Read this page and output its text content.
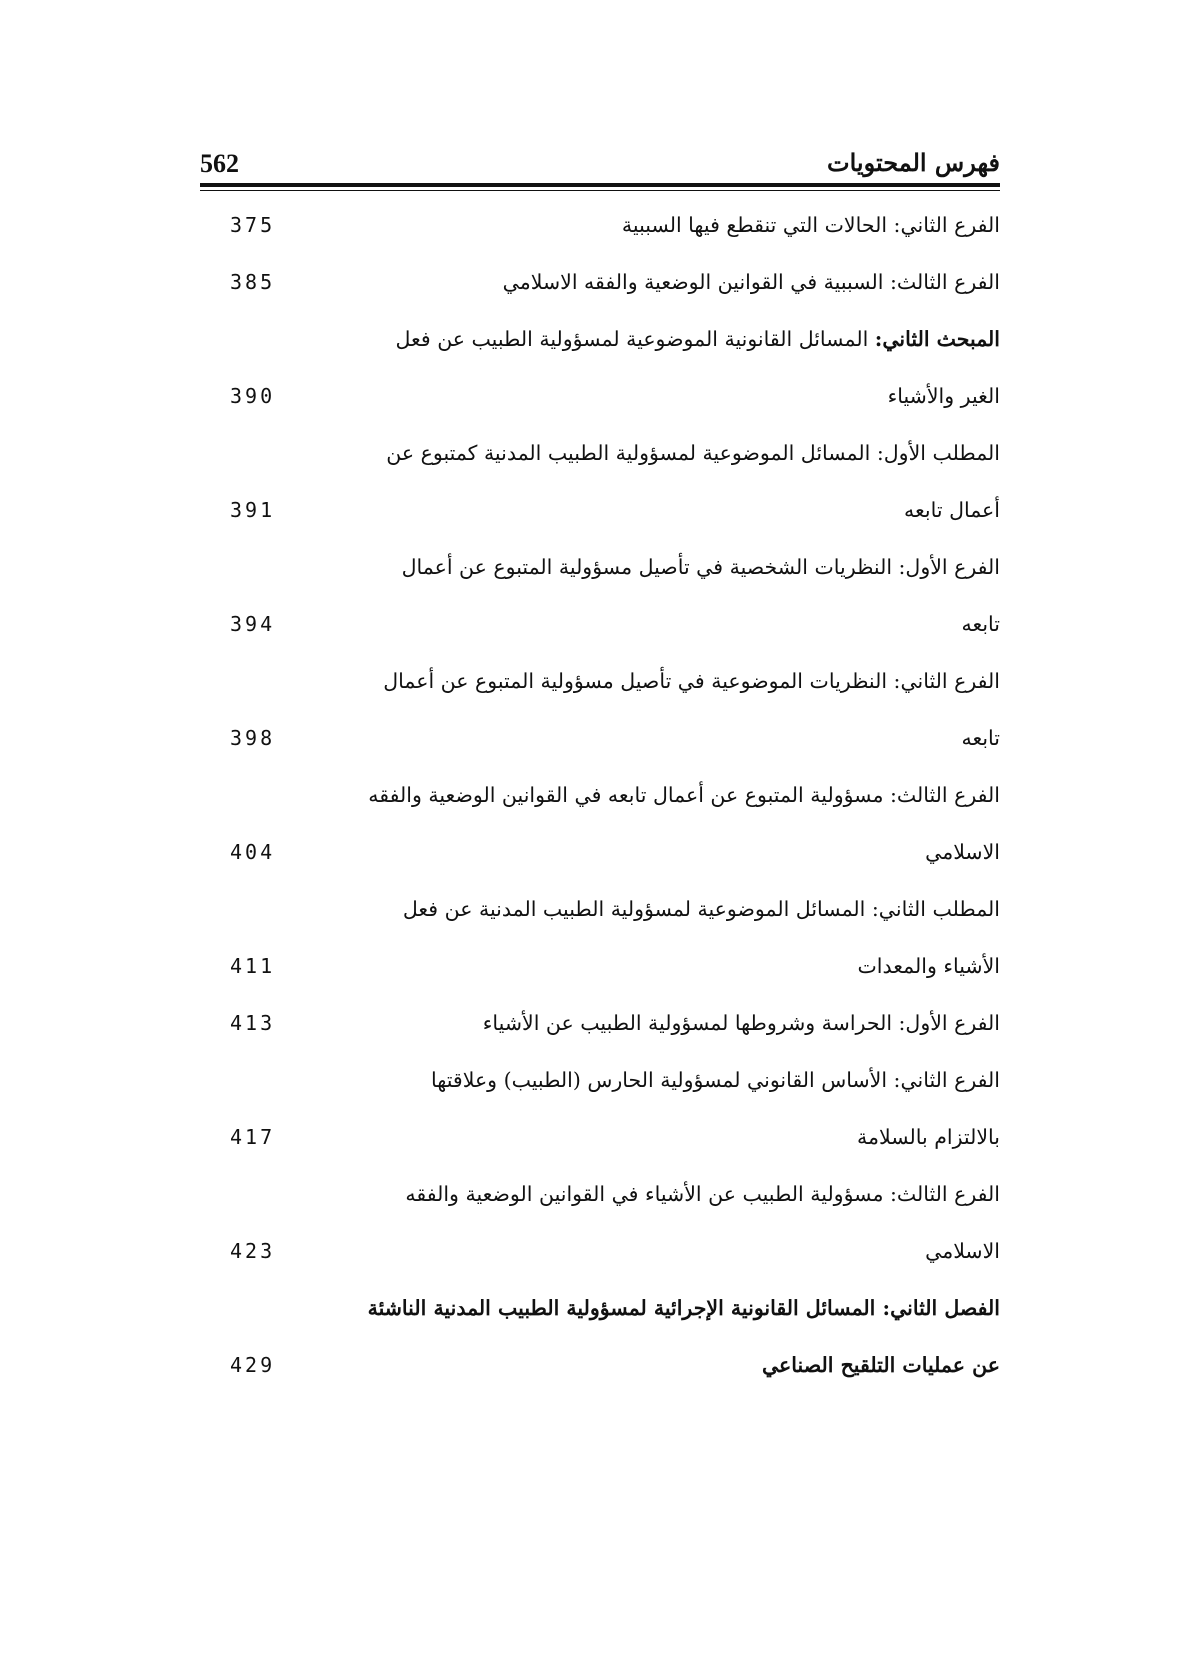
فهرس المحتويات
562
الفرع الثاني: الحالات التي تنقطع فيها السببية
375
الفرع الثالث: السببية في القوانين الوضعية والفقه الاسلامي
385
المبحث الثاني: المسائل القانونية الموضوعية لمسؤولية الطبيب عن فعل
الغير والأشياء
390
المطلب الأول: المسائل الموضوعية لمسؤولية الطبيب المدنية كمتبوع عن
أعمال تابعه
391
الفرع الأول: النظريات الشخصية في تأصيل مسؤولية المتبوع عن أعمال
تابعه
394
الفرع الثاني: النظريات الموضوعية في تأصيل مسؤولية المتبوع عن أعمال
تابعه
398
الفرع الثالث: مسؤولية المتبوع عن أعمال تابعه في القوانين الوضعية والفقه
الاسلامي
404
المطلب الثاني: المسائل الموضوعية لمسؤولية الطبيب المدنية عن فعل
الأشياء والمعدات
411
الفرع الأول: الحراسة وشروطها لمسؤولية الطبيب عن الأشياء
413
الفرع الثاني: الأساس القانوني لمسؤولية الحارس (الطبيب) وعلاقتها
بالالتزام بالسلامة
417
الفرع الثالث: مسؤولية الطبيب عن الأشياء في القوانين الوضعية والفقه
الاسلامي
423
الفصل الثاني: المسائل القانونية الإجرائية لمسؤولية الطبيب المدنية الناشئة
عن عمليات التلقيح الصناعي
429
